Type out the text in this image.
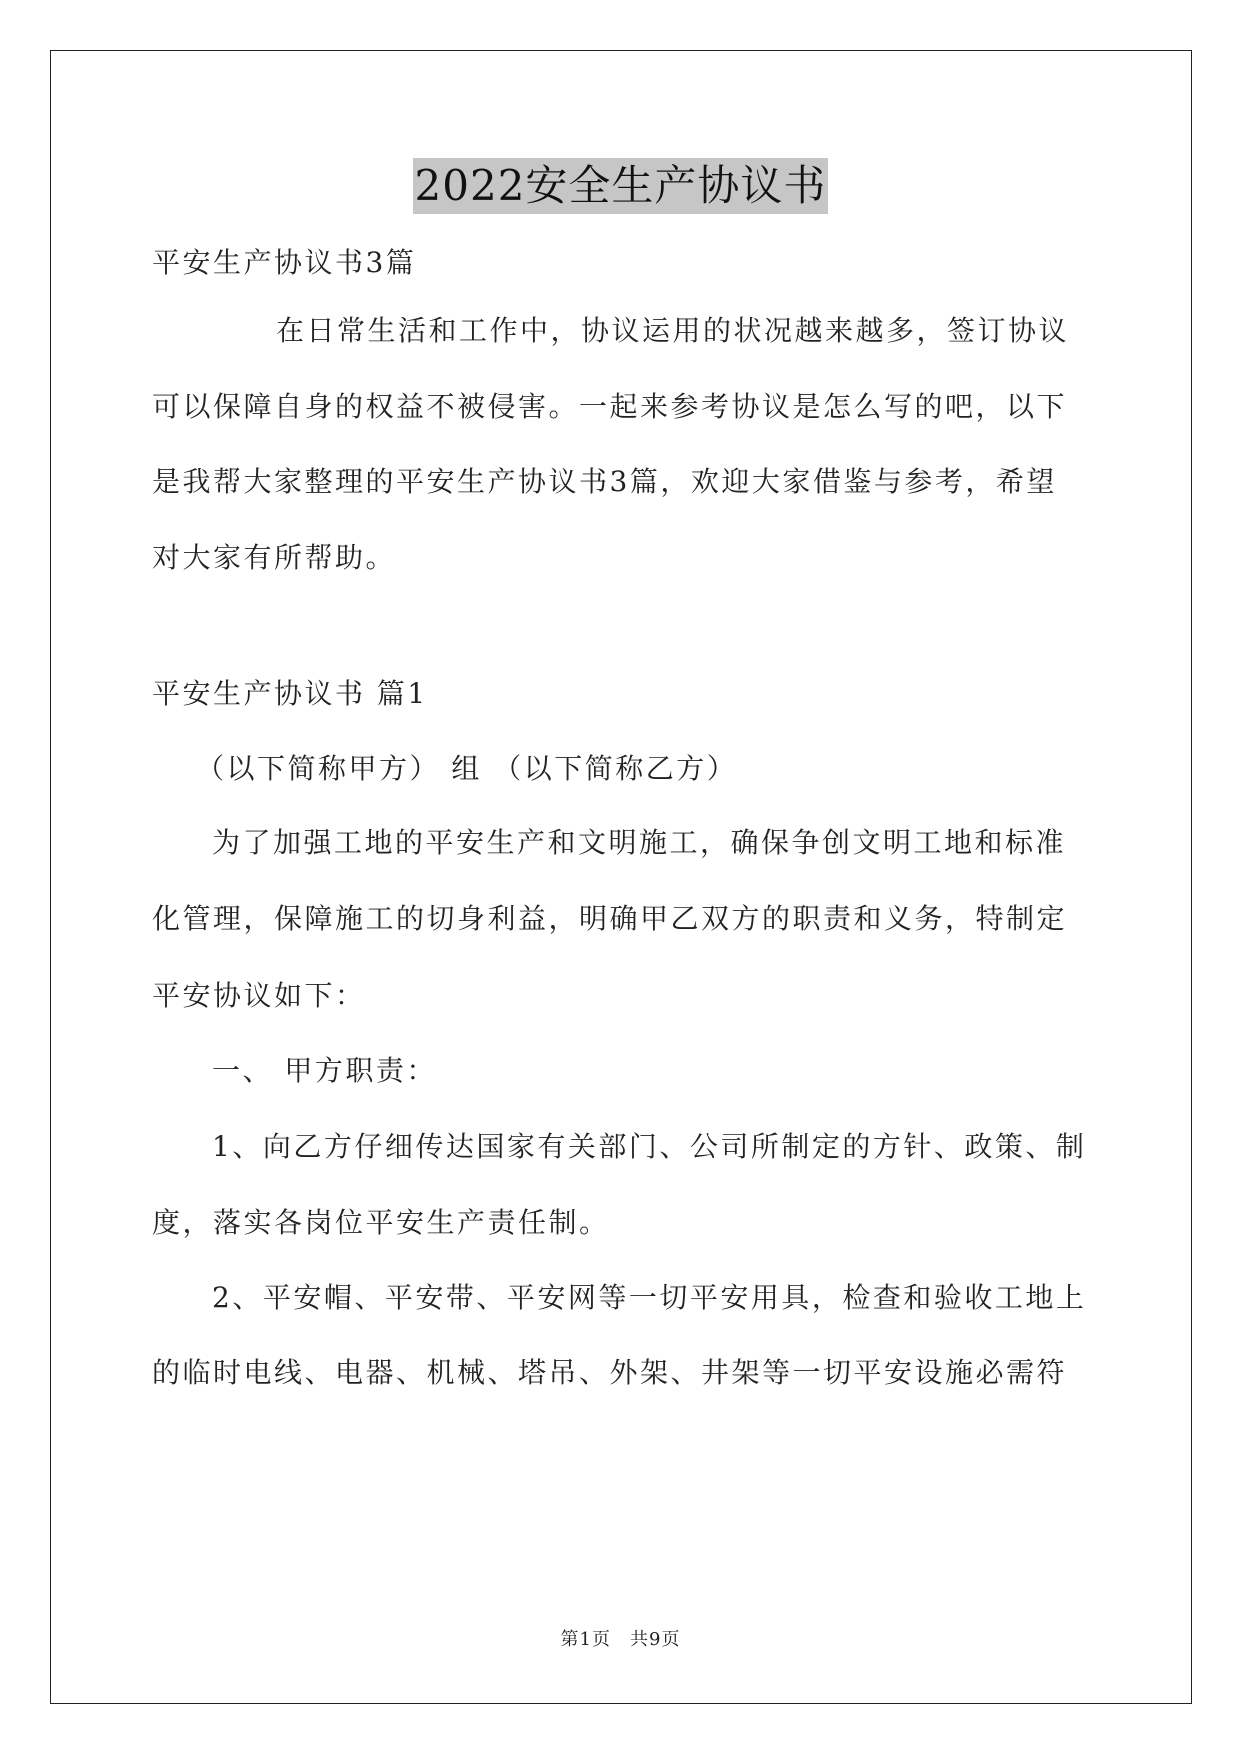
2022安全生产协议书
平安生产协议书3篇
在日常生活和工作中，协议运用的状况越来越多，签订协议
可以保障自身的权益不被侵害。一起来参考协议是怎么写的吧，以下
是我帮大家整理的平安生产协议书3篇，欢迎大家借鉴与参考，希望
对大家有所帮助。
平安生产协议书 篇1
（以下简称甲方） 组 （以下简称乙方）
为了加强工地的平安生产和文明施工，确保争创文明工地和标准
化管理，保障施工的切身利益，明确甲乙双方的职责和义务，特制定
平安协议如下：
一、 甲方职责：
1、向乙方仔细传达国家有关部门、公司所制定的方针、政策、制
度，落实各岗位平安生产责任制。
2、平安帽、平安带、平安网等一切平安用具，检查和验收工地上
的临时电线、电器、机械、塔吊、外架、井架等一切平安设施必需符
第1页　共9页
